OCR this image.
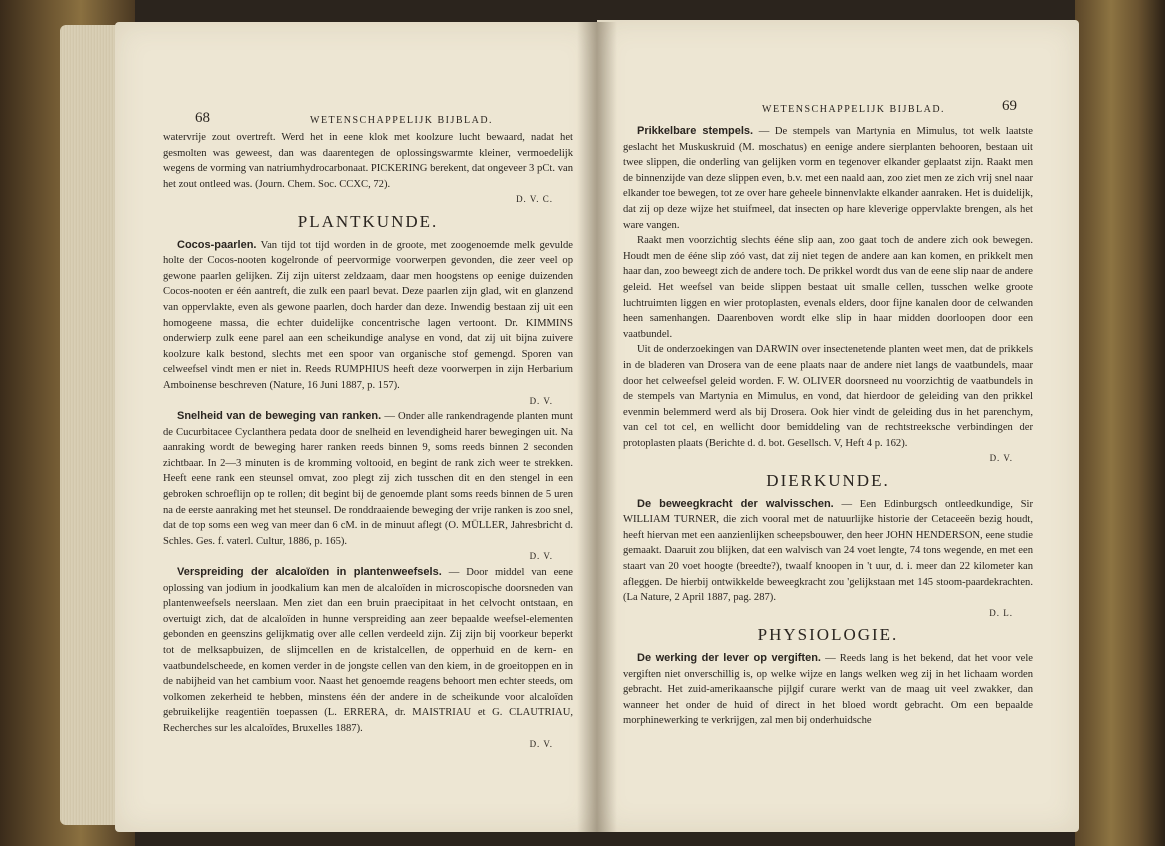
68	WETENSCHAPPELIJK BIJBLAD.

watervrije zout overtreft. Werd het in eene klok met koolzure lucht bewaard, nadat het gesmolten was geweest, dan was daarentegen de oplossingswarmte kleiner, vermoedelijk wegens de vorming van natriumhydrocarbonaat. PICKERING berekent, dat ongeveer 3 pCt. van het zout ontleed was. (Journ. Chem. Soc. CCXC, 72).

D. V. C.
PLANTKUNDE.

Cocos-paarlen. Van tijd tot tijd worden in de groote, met zoogenoemde melk gevulde holte der Cocos-nooten kogelronde of peervormige voorwerpen gevonden, die zeer veel op gewone paarlen gelijken. Zij zijn uiterst zeldzaam, daar men hoogstens op eenige duizenden Cocos-nooten er één aantreft, die zulk een paarl bevat. Deze paarlen zijn glad, wit en glanzend van oppervlakte, even als gewone paarlen, doch harder dan deze. Inwendig bestaan zij uit een homogeene massa, die echter duidelijke concentrische lagen vertoont. Dr. KIMMINS onderwierp zulk eene parel aan een scheikundige analyse en vond, dat zij uit bijna zuivere koolzure kalk bestond, slechts met een spoor van organische stof gemengd. Sporen van celweefsel vindt men er niet in. Reeds RUMPHIUS heeft deze voorwerpen in zijn Herbarium Amboinense beschreven (Nature, 16 Juni 1887, p. 157).

D. V.

Snelheid van de beweging van ranken. — Onder alle rankendragende planten munt de Cucurbitacee Cyclanthera pedata door de snelheid en levendigheid harer bewegingen uit. Na aanraking wordt de beweging harer ranken reeds binnen 9, soms reeds binnen 2 seconden zichtbaar. In 2—3 minuten is de kromming voltooid, en begint de rank zich weer te strekken. Heeft eene rank een steunsel omvat, zoo plegt zij zich tusschen dit en den stengel in een gebroken schroeflijn op te rollen; dit begint bij de genoemde plant soms reeds binnen de 5 uren na de eerste aanraking met het steunsel. De ronddraaiende beweging der vrije ranken is zoo snel, dat de top soms een weg van meer dan 6 cM. in de minuut aflegt (O. MÜLLER, Jahresbricht d. Schles. Ges. f. vaterl. Cultur, 1886, p. 165).

D. V.

Verspreiding der alcaloïden in plantenweefsels. — Door middel van eene oplossing van jodium in joodkalium kan men de alcaloïden in microscopische doorsneden van plantenweefsels neerslaan. Men ziet dan een bruin praecipitaat in het celvocht ontstaan, en overtuigt zich, dat de alcaloïden in hunne verspreiding aan zeer bepaalde weefsel-elementen gebonden en geenszins gelijkmatig over alle cellen verdeeld zijn. Zij zijn bij voorkeur beperkt tot de melksapbuizen, de slijmcellen en de kristalcellen, de opperhuid en de kern- en vaatbundelscheede, en komen verder in de jongste cellen van den kiem, in de groeitoppen en in de nabijheid van het cambium voor. Naast het genoemde reagens behoort men echter steeds, om volkomen zekerheid te hebben, minstens één der andere in de scheikunde voor alcaloïden gebruikelijke reagentiën toepassen (L. ERRERA, dr. MAISTRIAU et G. CLAUTRIAU, Recherches sur les alcaloïdes, Bruxelles 1887).

D. V.
WETENSCHAPPELIJK BIJBLAD.	69

Prikkelbare stempels. — De stempels van Martynia en Mimulus, tot welk laatste geslacht het Muskuskruid (M. moschatus) en eenige andere sierplanten behooren, bestaan uit twee slippen, die onderling van gelijken vorm en tegenover elkander geplaatst zijn. Raakt men de binnenzijde van deze slippen even, b.v. met een naald aan, zoo ziet men ze zich vrij snel naar elkander toe bewegen, tot ze over hare geheele binnenvlakte elkander aanraken. Het is duidelijk, dat zij op deze wijze het stuifmeel, dat insecten op hare kleverige oppervlakte brengen, als het ware vangen.

Raakt men voorzichtig slechts ééne slip aan, zoo gaat toch de andere zich ook bewegen. Houdt men de ééne slip zóó vast, dat zij niet tegen de andere aan kan komen, en prikkelt men haar dan, zoo beweegt zich de andere toch. De prikkel wordt dus van de eene slip naar de andere geleid. Het weefsel van beide slippen bestaat uit smalle cellen, tusschen welke groote luchtruimten liggen en wier protoplasten, evenals elders, door fijne kanalen door de celwanden heen samenhangen. Daarenboven wordt elke slip in haar midden doorloopen door een vaatbundel.

Uit de onderzoekingen van DARWIN over insectenetende planten weet men, dat de prikkels in de bladeren van Drosera van de eene plaats naar de andere niet langs de vaatbundels, maar door het celweefsel geleid worden. F. W. OLIVER doorsneed nu voorzichtig de vaatbundels in de stempels van Martynia en Mimulus, en vond, dat hierdoor de geleiding van den prikkel evenmin belemmerd werd als bij Drosera. Ook hier vindt de geleiding dus in het parenchym, van cel tot cel, en wellicht door bemiddeling van de rechtstreeksche verbindingen der protoplasten plaats (Berichte d. d. bot. Gesellsch. V, Heft 4 p. 162).

D. V.
DIERKUNDE.

De beweegkracht der walvisschen. — Een Edinburgsch ontleedkundige, Sir WILLIAM TURNER, die zich vooral met de natuurlijke historie der Cetaceeën bezig houdt, heeft hiervan met een aanzienlijken scheepsbouwer, den heer JOHN HENDERSON, eene studie gemaakt. Daaruit zou blijken, dat een walvisch van 24 voet lengte, 74 tons wegende, en met een staart van 20 voet hoogte (breedte?), twaalf knoopen in 't uur, d. i. meer dan 22 kilometer kan afleggen. De hierbij ontwikkelde beweegkracht zou 'gelijkstaan met 145 stoom-paardekrachten. (La Nature, 2 April 1887, pag. 287).

D. L.
PHYSIOLOGIE.

De werking der lever op vergiften. — Reeds lang is het bekend, dat het voor vele vergiften niet onverschillig is, op welke wijze en langs welken weg zij in het lichaam worden gebracht. Het zuid-amerikaansche pijlgif curare werkt van de maag uit veel zwakker, dan wanneer het onder de huid of direct in het bloed wordt gebracht. Om een bepaalde morphinewerking te verkrijgen, zal men bij onderhuidsche
